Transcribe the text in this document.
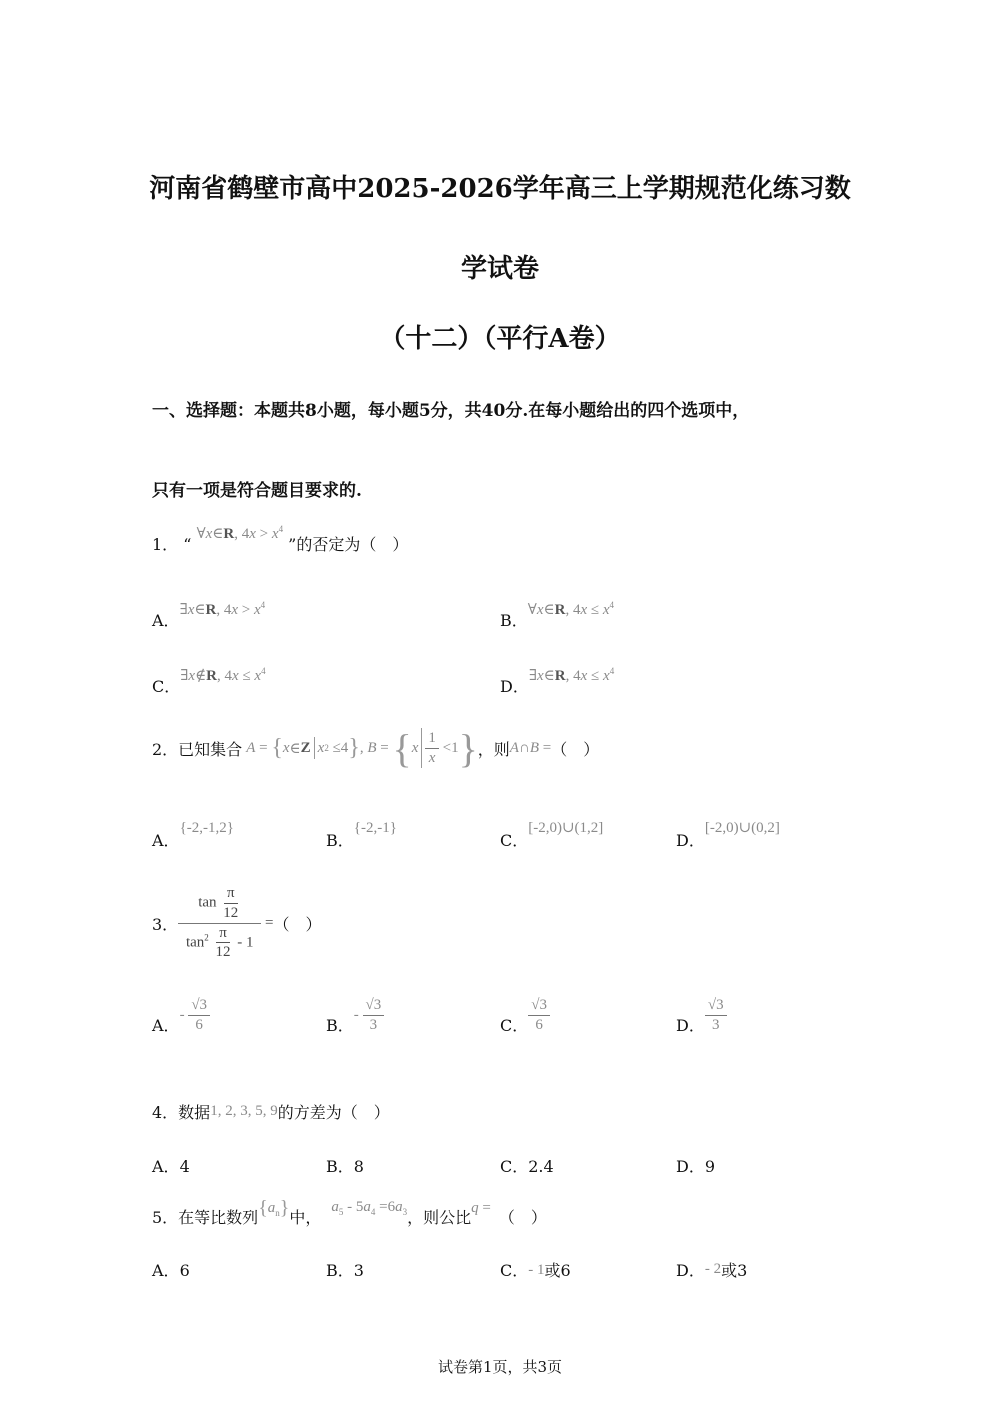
河南省鹤壁市高中2025-2026学年高三上学期规范化练习数
学试卷
（十二）（平行A卷）
一、选择题：本题共8小题，每小题5分，共40分.在每小题给出的四个选项中，
只有一项是符合题目要求的.
1． “ ∀x∈R, $4x > x^4$ ”的否定为（　）
A．∃x∈R, $4x > x^4$
B．∀x∈R, $4x \le x^4$
C．∃x∉R, $4x \le x^4$
D．∃x∈R, $4x \le x^4$
2．已知集合 A = { x ∈ Z x 2 ≤4 } , B = { x $\frac{1}{x} <1$ } ，则 A∩B = （　）
A．{-2,-1,2}
B．{-2,-1}
C．[-2,0)∪(1,2]
D．[-2,0)∪(0,2]
3． $\frac{\tan \frac{\pi}{12}}{\tan^2 \frac{\pi}{12} - 1}$ = （　）
A．- $\frac{√3}{6}$	B．- $\frac{√3}{3}$	C． $\frac{√3}{6}$	D． $\frac{√3}{3}$
4．数据1, 2, 3, 5, 9的方差为（　）
A．4	B．8	C．2.4	D．9
5．在等比数列 $\{a_n\}$ 中，
$a_5 - 5a_4 =6a_3$ ，则公比 q = （　）
A．6	B．3	C．- 1或6	D．- 2或3
试卷第1页，共3页
